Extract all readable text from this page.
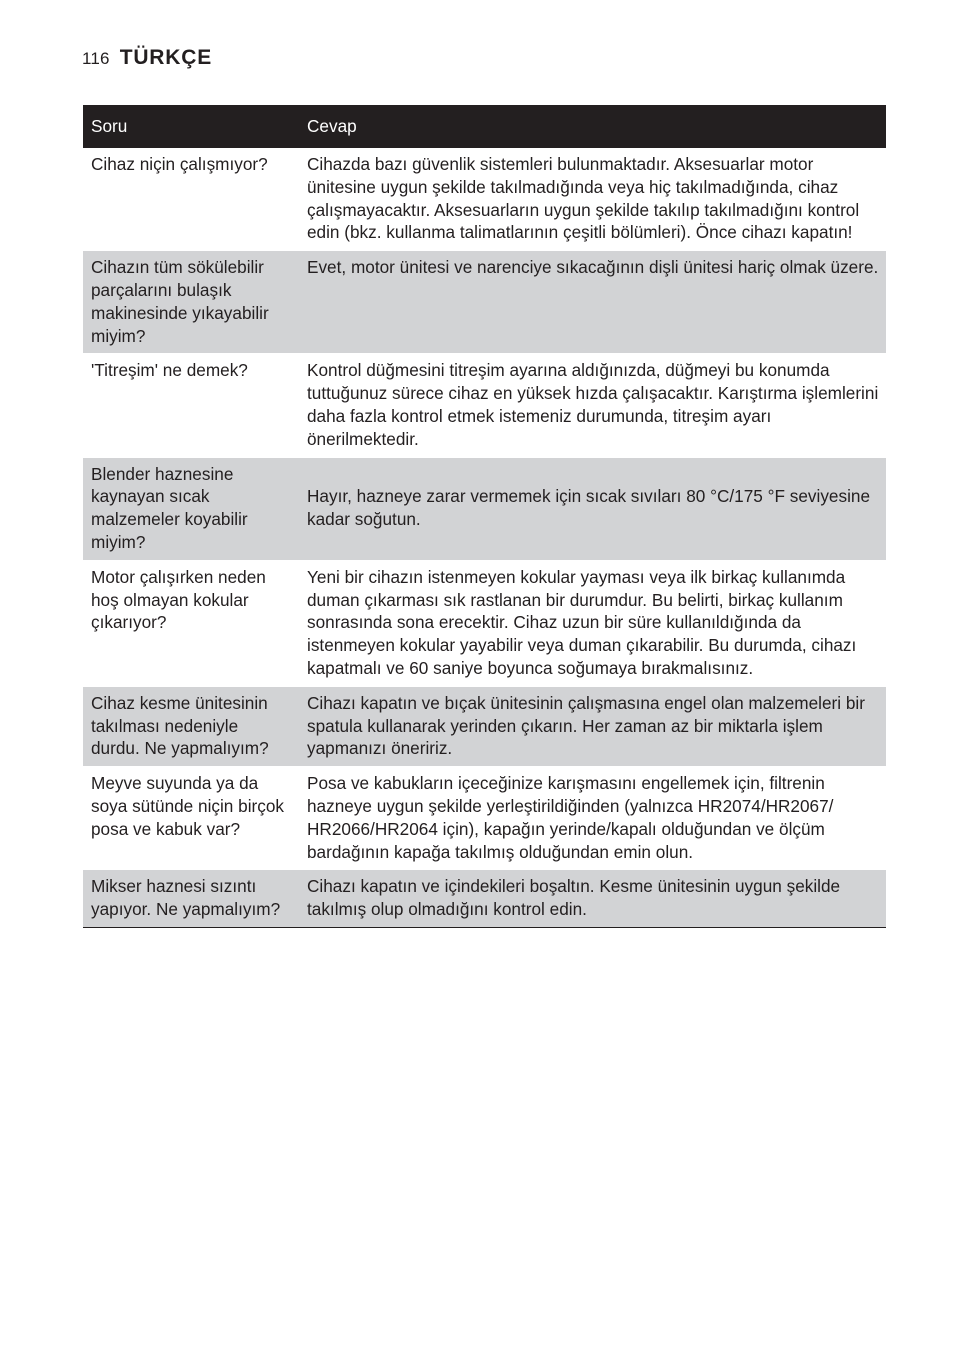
116 TÜRKÇE
Soru	Cevap
Cihaz niçin çalışmıyor?	Cihazda bazı güvenlik sistemleri bulunmaktadır. Aksesuarlar motor ünitesine uygun şekilde takılmadığında veya hiç takılmadığında, cihaz çalışmayacaktır. Aksesuarların uygun şekilde takılıp takılmadığını kontrol edin (bkz. kullanma talimatlarının çeşitli bölümleri). Önce cihazı kapatın!
Cihazın tüm sökülebilir parçalarını bulaşık makinesinde yıkayabilir miyim?	Evet, motor ünitesi ve narenciye sıkacağının dişli ünitesi hariç olmak üzere.
'Titreşim' ne demek?	Kontrol düğmesini titreşim ayarına aldığınızda, düğmeyi bu konumda tuttuğunuz sürece cihaz en yüksek hızda çalışacaktır. Karıştırma işlemlerini daha fazla kontrol etmek istemeniz durumunda, titreşim ayarı önerilmektedir.
Blender haznesine kaynayan sıcak malzemeler koyabilir miyim?	Hayır, hazneye zarar vermemek için sıcak sıvıları 80 °C/175 °F seviyesine kadar soğutun.
Motor çalışırken neden hoş olmayan kokular çıkarıyor?	Yeni bir cihazın istenmeyen kokular yayması veya ilk birkaç kullanımda duman çıkarması sık rastlanan bir durumdur. Bu belirti, birkaç kullanım sonrasında sona erecektir. Cihaz uzun bir süre kullanıldığında da istenmeyen kokular yayabilir veya duman çıkarabilir. Bu durumda, cihazı kapatmalı ve 60 saniye boyunca soğumaya bırakmalısınız.
Cihaz kesme ünitesinin takılması nedeniyle durdu. Ne yapmalıyım?	Cihazı kapatın ve bıçak ünitesinin çalışmasına engel olan malzemeleri bir spatula kullanarak yerinden çıkarın. Her zaman az bir miktarla işlem yapmanızı öneririz.
Meyve suyunda ya da soya sütünde niçin birçok posa ve kabuk var?	Posa ve kabukların içeceğinize karışmasını engellemek için, filtrenin hazneye uygun şekilde yerleştirildiğinden (yalnızca HR2074/HR2067/ HR2066/HR2064 için), kapağın yerinde/kapalı olduğundan ve ölçüm bardağının kapağa takılmış olduğundan emin olun.
Mikser haznesi sızıntı yapıyor. Ne yapmalıyım?	Cihazı kapatın ve içindekileri boşaltın. Kesme ünitesinin uygun şekilde takılmış olup olmadığını kontrol edin.
